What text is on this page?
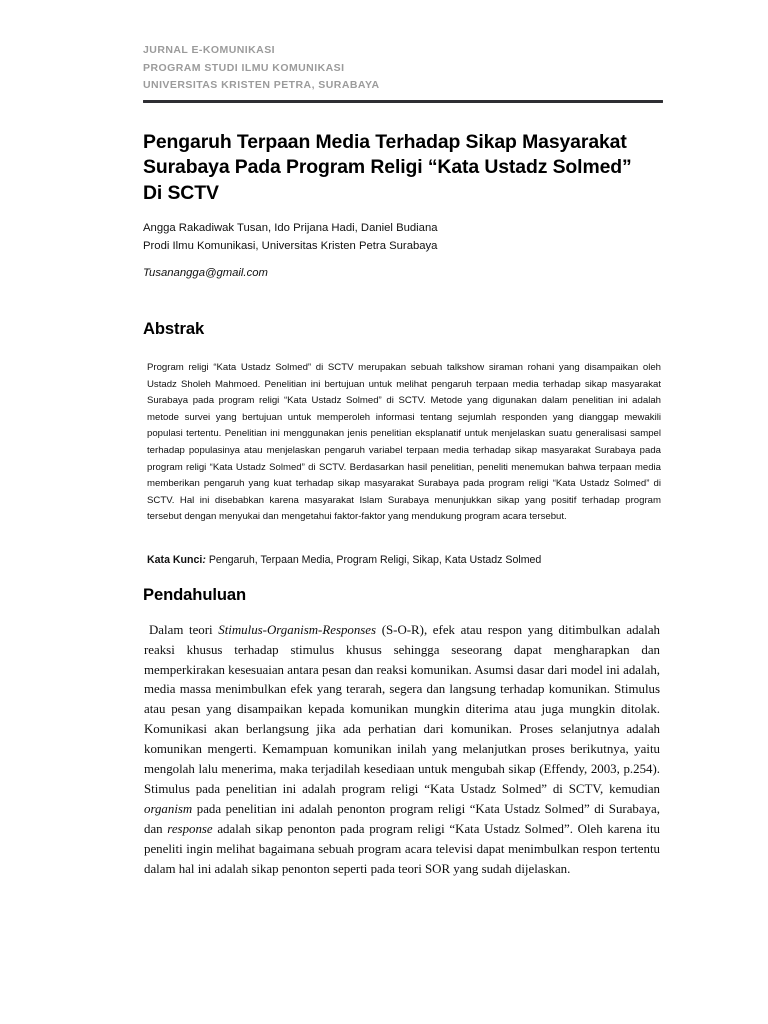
JURNAL E-KOMUNIKASI
PROGRAM STUDI ILMU KOMUNIKASI
UNIVERSITAS KRISTEN PETRA, SURABAYA
Pengaruh Terpaan Media Terhadap Sikap Masyarakat Surabaya Pada Program Religi “Kata Ustadz Solmed” Di SCTV
Angga Rakadiwak Tusan, Ido Prijana Hadi, Daniel Budiana
Prodi Ilmu Komunikasi, Universitas Kristen Petra Surabaya
Tusanangga@gmail.com
Abstrak

Program religi “Kata Ustadz Solmed” di SCTV merupakan sebuah talkshow siraman rohani yang disampaikan oleh Ustadz Sholeh Mahmoed. Penelitian ini bertujuan untuk melihat pengaruh terpaan media terhadap sikap masyarakat Surabaya pada program religi “Kata Ustadz Solmed” di SCTV. Metode yang digunakan dalam penelitian ini adalah metode survei yang bertujuan untuk memperoleh informasi tentang sejumlah responden yang dianggap mewakili populasi tertentu. Penelitian ini menggunakan jenis penelitian eksplanatif untuk menjelaskan suatu generalisasi sampel terhadap populasinya atau menjelaskan pengaruh variabel terpaan media terhadap sikap masyarakat Surabaya pada program religi “Kata Ustadz Solmed” di SCTV. Berdasarkan hasil penelitian, peneliti menemukan bahwa terpaan media memberikan pengaruh yang kuat terhadap sikap masyarakat Surabaya pada program religi “Kata Ustadz Solmed” di SCTV. Hal ini disebabkan karena masyarakat Islam Surabaya menunjukkan sikap yang positif terhadap program tersebut dengan menyukai dan mengetahui faktor-faktor yang mendukung program acara tersebut.

Kata Kunci: Pengaruh, Terpaan Media, Program Religi, Sikap, Kata Ustadz Solmed

Pendahuluan

Dalam teori Stimulus-Organism-Responses (S-O-R), efek atau respon yang ditimbulkan adalah reaksi khusus terhadap stimulus khusus sehingga seseorang dapat mengharapkan dan memperkirakan kesesuaian antara pesan dan reaksi komunikan. Asumsi dasar dari model ini adalah, media massa menimbulkan efek yang terarah, segera dan langsung terhadap komunikan. Stimulus atau pesan yang disampaikan kepada komunikan mungkin diterima atau juga mungkin ditolak. Komunikasi akan berlangsung jika ada perhatian dari komunikan. Proses selanjutnya adalah komunikan mengerti. Kemampuan komunikan inilah yang melanjutkan proses berikutnya, yaitu mengolah lalu menerima, maka terjadilah kesediaan untuk mengubah sikap (Effendy, 2003, p.254). Stimulus pada penelitian ini adalah program religi “Kata Ustadz Solmed” di SCTV, kemudian organism pada penelitian ini adalah penonton program religi “Kata Ustadz Solmed” di Surabaya, dan response adalah sikap penonton pada program religi “Kata Ustadz Solmed”. Oleh karena itu peneliti ingin melihat bagaimana sebuah program acara televisi dapat menimbulkan respon tertentu dalam hal ini adalah sikap penonton seperti pada teori SOR yang sudah dijelaskan.
